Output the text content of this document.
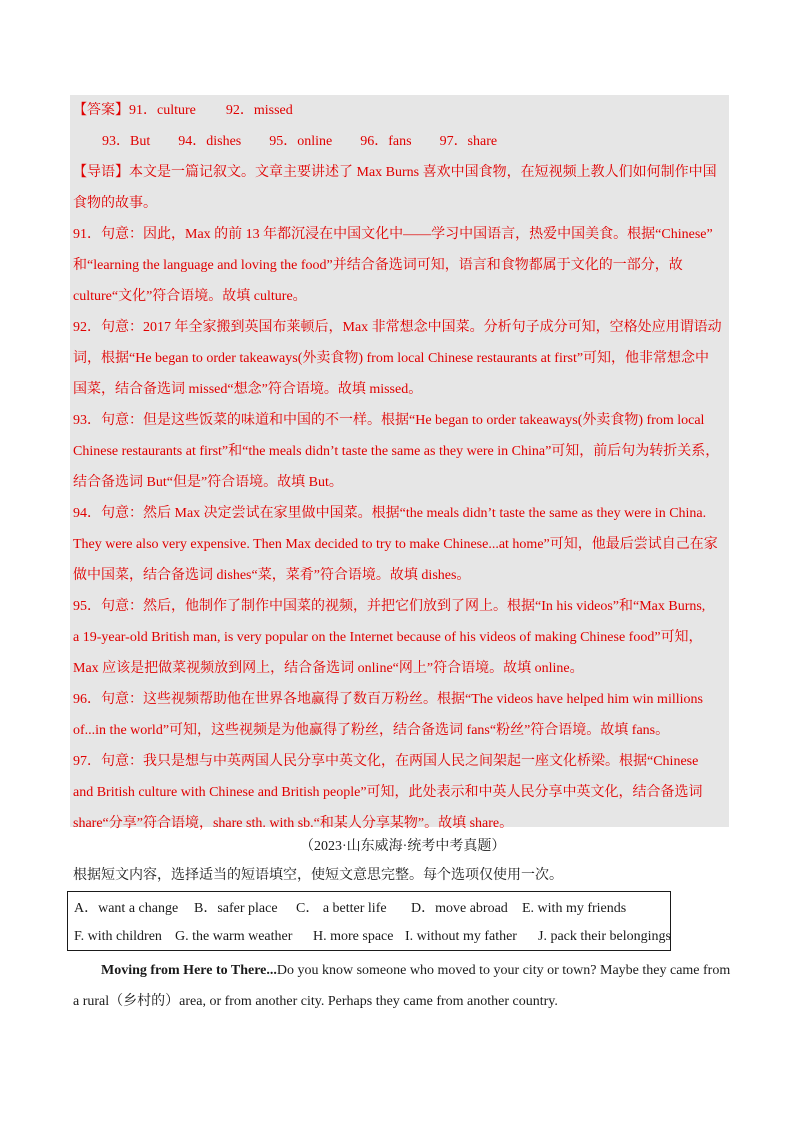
【答案】91．culture 92．missed
93．But 94．dishes 95．online 96．fans 97．share
【导语】本文是一篇记叙文。文章主要讲述了 Max Burns 喜欢中国食物，在短视频上教人们如何制作中国
食物的故事。
91．句意：因此，Max 的前 13 年都沉浸在中国文化中——学习中国语言，热爱中国美食。根据“Chinese”
和“learning the language and loving the food”并结合备选词可知，语言和食物都属于文化的一部分，故
culture“文化”符合语境。故填 culture。
92．句意：2017 年全家搬到英国布莱顿后，Max 非常想念中国菜。分析句子成分可知，空格处应用谓语动
词，根据“He began to order takeaways(外卖食物) from local Chinese restaurants at first”可知，他非常想念中
国菜，结合备选词 missed“想念”符合语境。故填 missed。
93．句意：但是这些饭菜的味道和中国的不一样。根据“He began to order takeaways(外卖食物) from local
Chinese restaurants at first”和“the meals didn’t taste the same as they were in China”可知，前后句为转折关系，
结合备选词 But“但是”符合语境。故填 But。
94．句意：然后 Max 决定尝试在家里做中国菜。根据“the meals didn’t taste the same as they were in China.
They were also very expensive. Then Max decided to try to make Chinese...at home”可知，他最后尝试自己在家
做中国菜，结合备选词 dishes“菜，菜肴”符合语境。故填 dishes。
95．句意：然后，他制作了制作中国菜的视频，并把它们放到了网上。根据“In his videos”和“Max Burns,
a 19-year-old British man, is very popular on the Internet because of his videos of making Chinese food”可知，
Max 应该是把做菜视频放到网上，结合备选词 online“网上”符合语境。故填 online。
96．句意：这些视频帮助他在世界各地赢得了数百万粉丝。根据“The videos have helped him win millions
of...in the world”可知，这些视频是为他赢得了粉丝，结合备选词 fans“粉丝”符合语境。故填 fans。
97．句意：我只是想与中英两国人民分享中英文化，在两国人民之间架起一座文化桥梁。根据“Chinese
and British culture with Chinese and British people”可知，此处表示和中英人民分享中英文化，结合备选词
share“分享”符合语境，share sth. with sb.“和某人分享某物”。故填 share。
（2023·山东威海·统考中考真题）
根据短文内容，选择适当的短语填空，使短文意思完整。每个选项仅使用一次。
A．want a change B．safer place C． a better life D．move abroad E. with my friends
F. with children G. the warm weather H. more space I. without my father J. pack their belongings
Moving from Here to There...Do you know someone who moved to your city or town? Maybe they came from a rural（乡村的）area, or from another city. Perhaps they came from another country.
